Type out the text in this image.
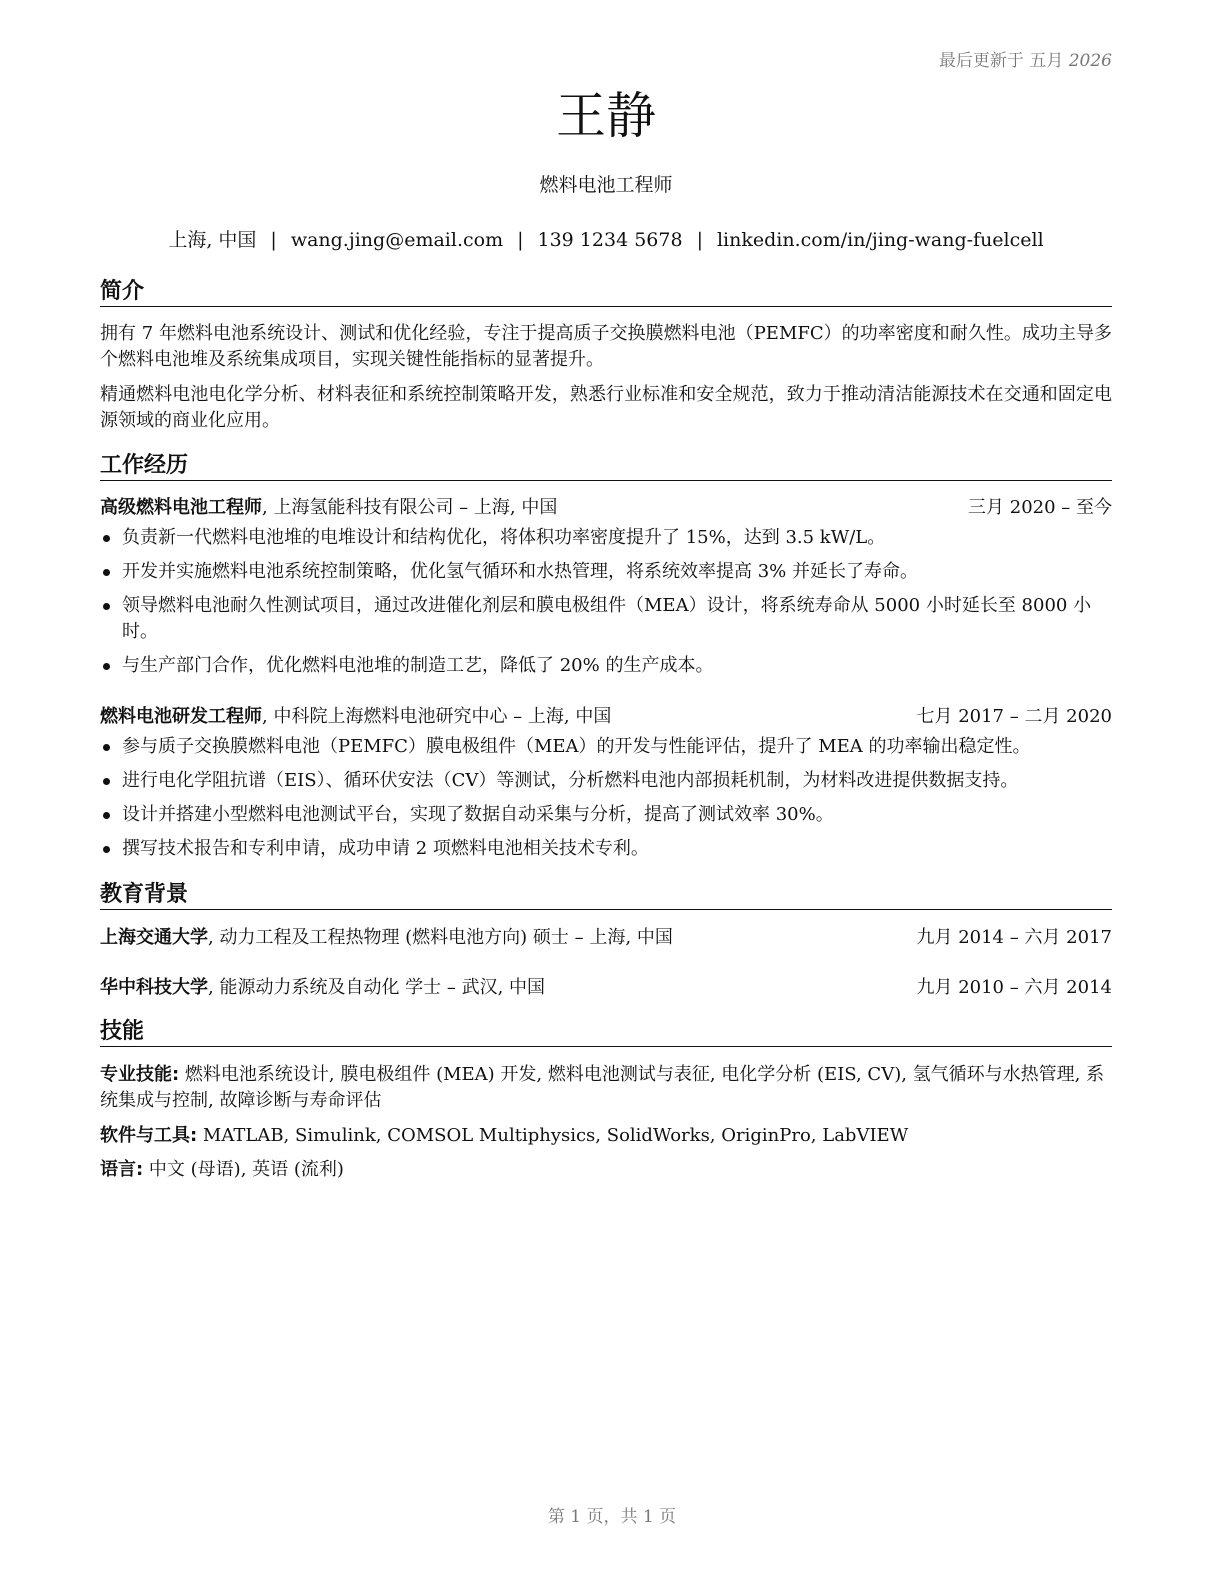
最后更新于 五月 2026
王静
燃料电池工程师
上海, 中国 | wang.jing@email.com | 139 1234 5678 | linkedin.com/in/jing-wang-fuelcell
简介

拥有 7 年燃料电池系统设计、测试和优化经验，专注于提高质子交换膜燃料电池（PEMFC）的功率密度和耐久性。成功主导多个燃料电池堆及系统集成项目，实现关键性能指标的显著提升。

精通燃料电池电化学分析、材料表征和系统控制策略开发，熟悉行业标准和安全规范，致力于推动清洁能源技术在交通和固定电源领域的商业化应用。

工作经历
高级燃料电池工程师, 上海氢能科技有限公司 – 上海, 中国	三月 2020 – 至今
负责新一代燃料电池堆的电堆设计和结构优化，将体积功率密度提升了 15%，达到 3.5 kW/L。
开发并实施燃料电池系统控制策略，优化氢气循环和水热管理，将系统效率提高 3% 并延长了寿命。
领导燃料电池耐久性测试项目，通过改进催化剂层和膜电极组件（MEA）设计，将系统寿命从 5000 小时延长至 8000 小时。
与生产部门合作，优化燃料电池堆的制造工艺，降低了 20% 的生产成本。
燃料电池研发工程师, 中科院上海燃料电池研究中心 – 上海, 中国	七月 2017 – 二月 2020
参与质子交换膜燃料电池（PEMFC）膜电极组件（MEA）的开发与性能评估，提升了 MEA 的功率输出稳定性。
进行电化学阻抗谱（EIS）、循环伏安法（CV）等测试，分析燃料电池内部损耗机制，为材料改进提供数据支持。
设计并搭建小型燃料电池测试平台，实现了数据自动采集与分析，提高了测试效率 30%。
撰写技术报告和专利申请，成功申请 2 项燃料电池相关技术专利。
教育背景
上海交通大学, 动力工程及工程热物理 (燃料电池方向) 硕士 – 上海, 中国	九月 2014 – 六月 2017
华中科技大学, 能源动力系统及自动化 学士 – 武汉, 中国	九月 2010 – 六月 2014
技能

专业技能: 燃料电池系统设计, 膜电极组件 (MEA) 开发, 燃料电池测试与表征, 电化学分析 (EIS, CV), 氢气循环与水热管理, 系统集成与控制, 故障诊断与寿命评估

软件与工具: MATLAB, Simulink, COMSOL Multiphysics, SolidWorks, OriginPro, LabVIEW

语言: 中文 (母语), 英语 (流利)

第 1 页，共 1 页
